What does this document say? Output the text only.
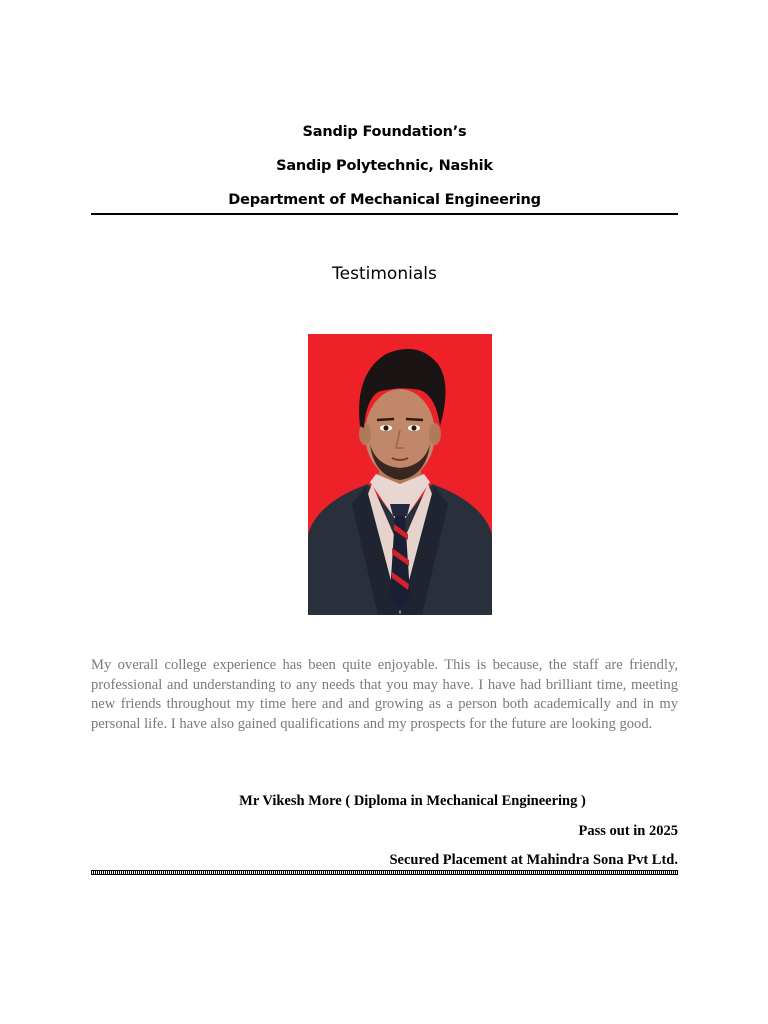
Sandip Foundation’s
Sandip Polytechnic, Nashik
Department of Mechanical Engineering
Testimonials
My overall college experience has been quite enjoyable. This is because, the staff are friendly, professional and understanding to any needs that you may have. I have had brilliant time, meeting new friends throughout my time here and and growing as a person both academically and in my personal life. I have also gained qualifications and my prospects for the future are looking good.
Mr Vikesh More ( Diploma in Mechanical Engineering )
Pass out in 2025
Secured Placement at Mahindra Sona Pvt Ltd.
